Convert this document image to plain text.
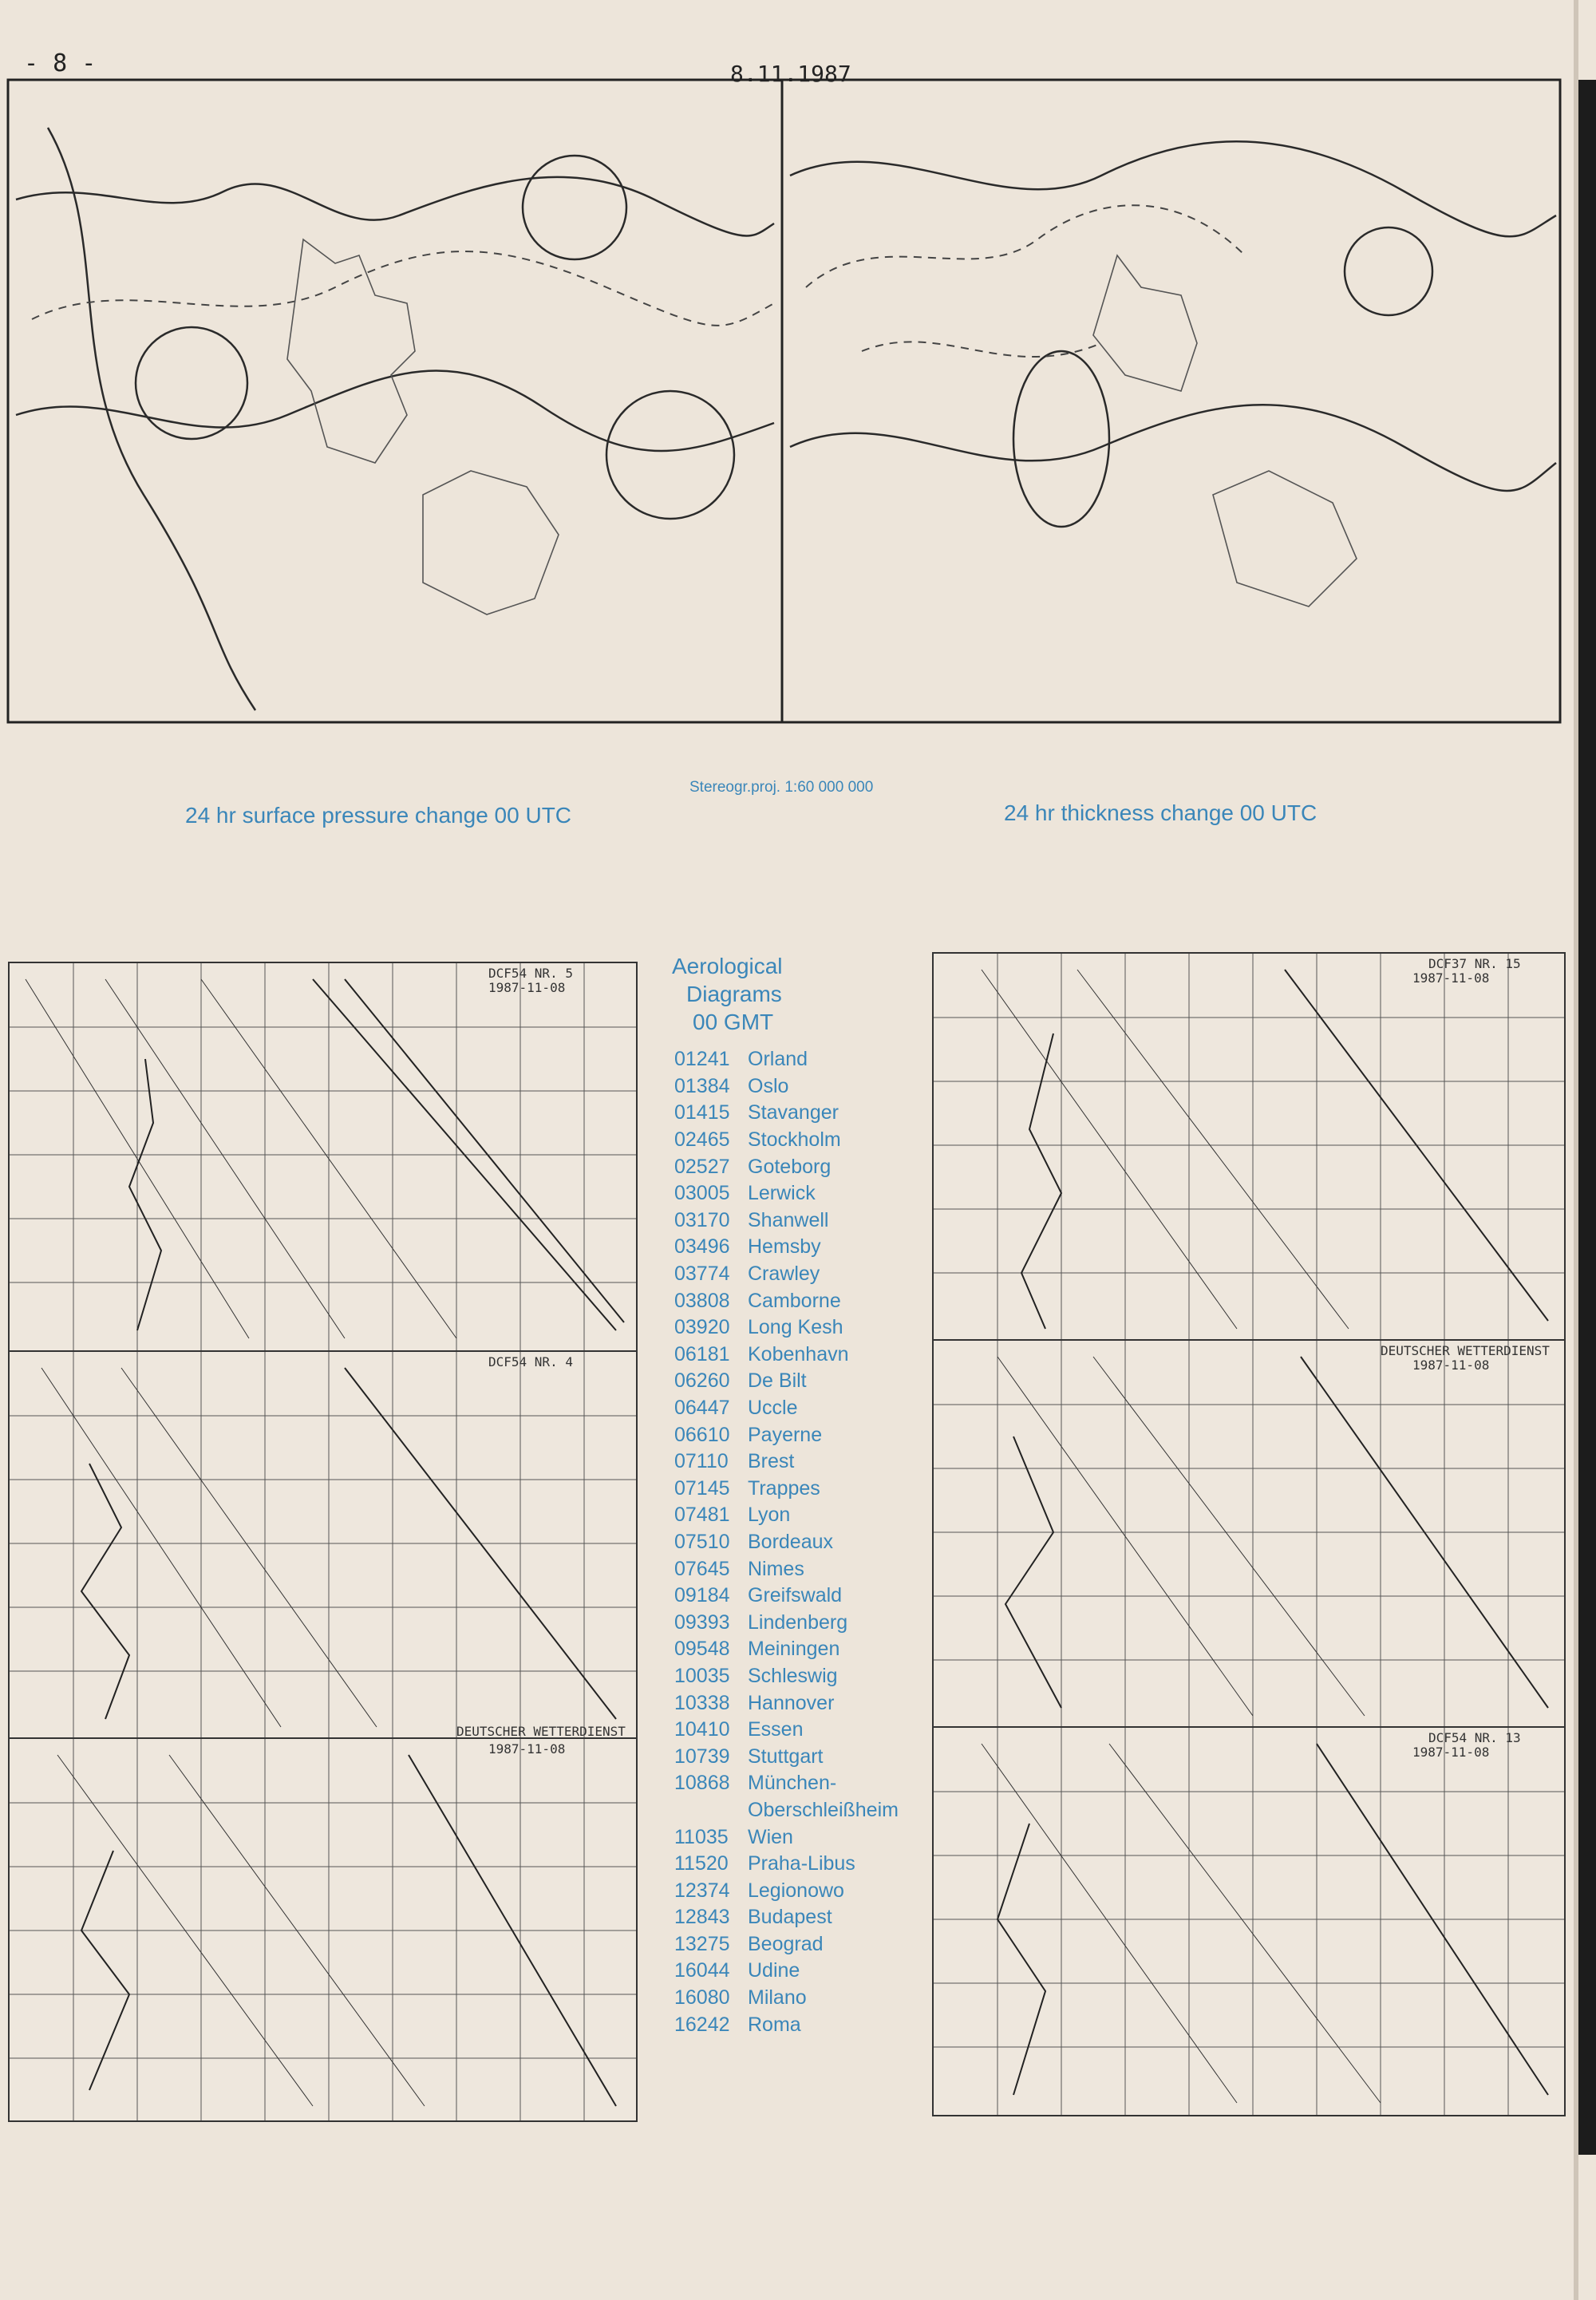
- 8 -	8.11.1987
Stereogr.proj. 1:60 000 000
24 hr surface pressure change 00 UTC	24 hr thickness change 00 UTC
DCF54 NR. 5
1987-11-08
DCF54 NR. 4
DEUTSCHER WETTERDIENST
1987-11-08
DCF37 NR. 15
1987-11-08
DEUTSCHER WETTERDIENST
1987-11-08
DCF54 NR. 13
1987-11-08
Aerological
Diagrams
00 GMT
01241 Orland
01384 Oslo
01415 Stavanger
02465 Stockholm
02527 Goteborg
03005 Lerwick
03170 Shanwell
03496 Hemsby
03774 Crawley
03808 Camborne
03920 Long Kesh
06181 Kobenhavn
06260 De Bilt
06447 Uccle
06610 Payerne
07110 Brest
07145 Trappes
07481 Lyon
07510 Bordeaux
07645 Nimes
09184 Greifswald
09393 Lindenberg
09548 Meiningen
10035 Schleswig
10338 Hannover
10410 Essen
10739 Stuttgart
10868 München-
Oberschleißheim
11035 Wien
11520 Praha-Libus
12374 Legionowo
12843 Budapest
13275 Beograd
16044 Udine
16080 Milano
16242 Roma
